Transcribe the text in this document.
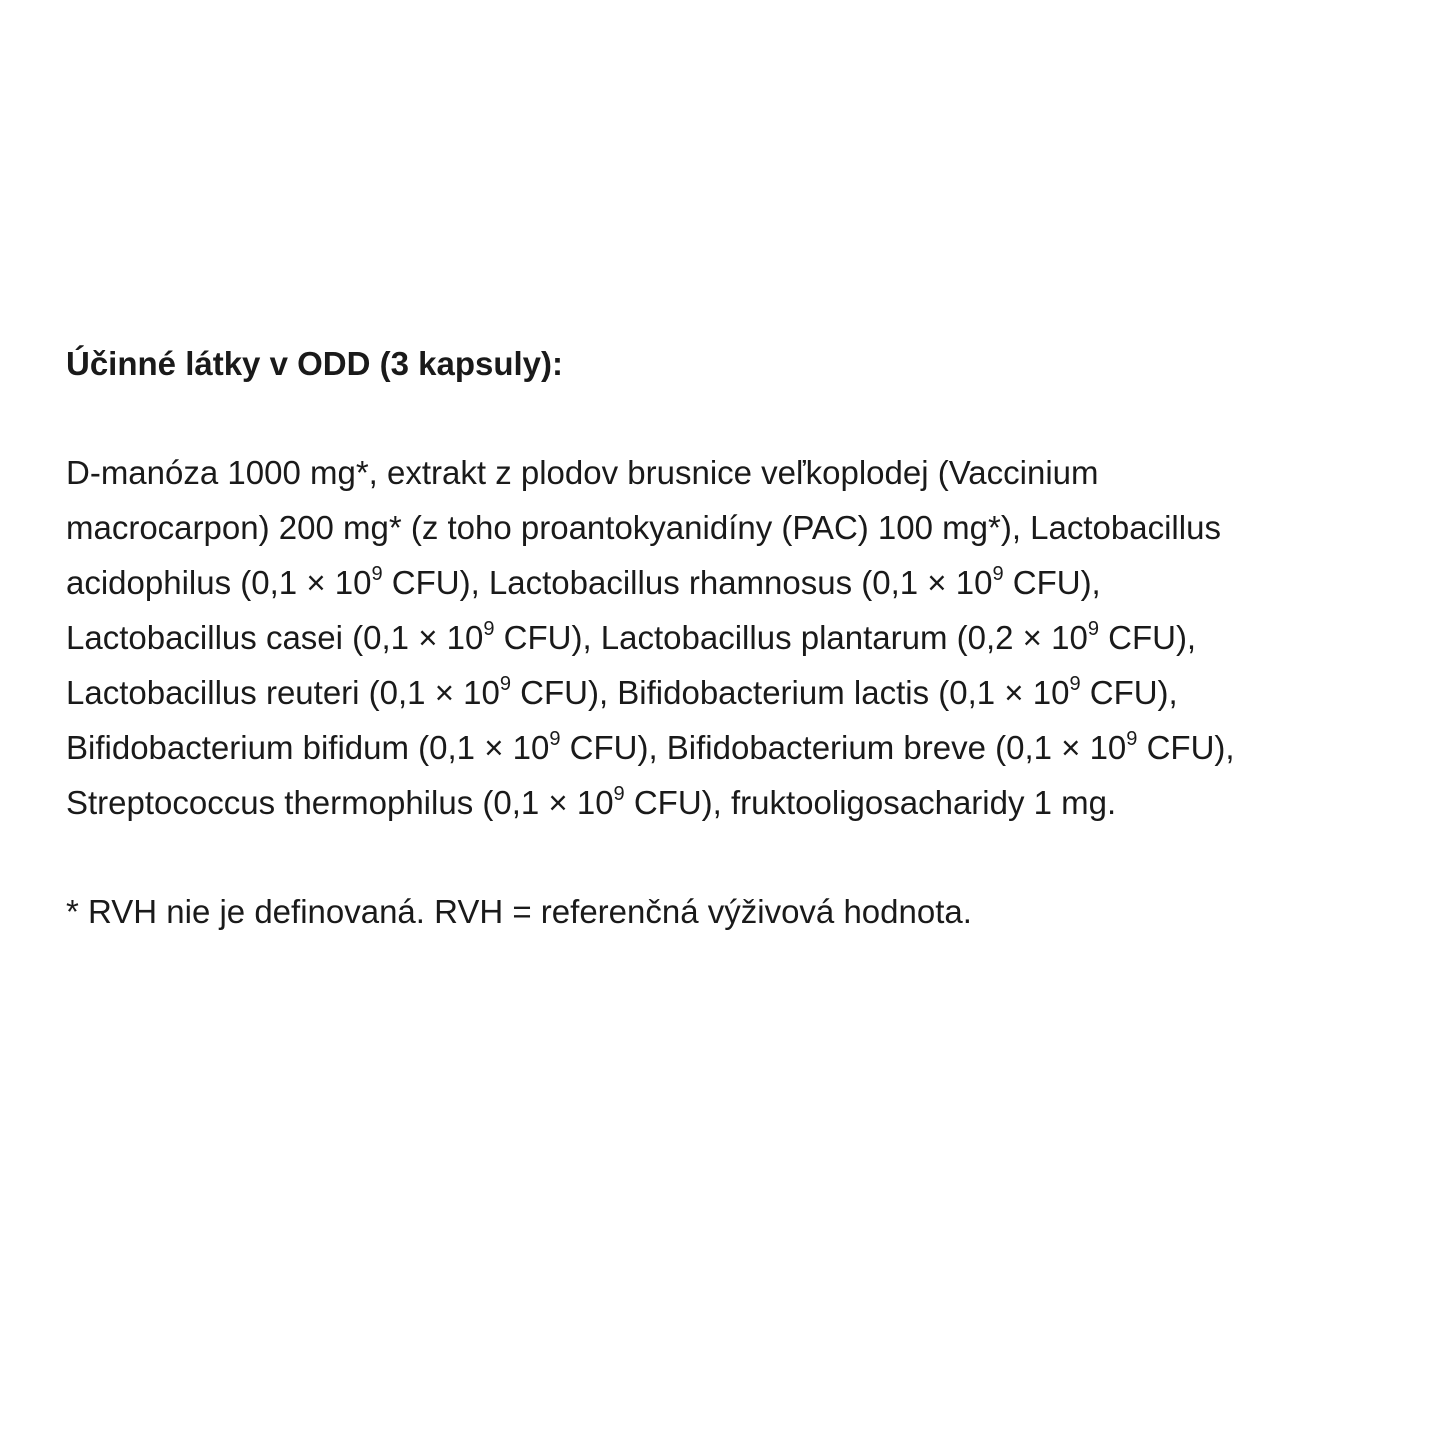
Účinné látky v ODD (3 kapsuly):
D-manóza 1000 mg*, extrakt z plodov brusnice veľkoplodej (Vaccinium
macrocarpon) 200 mg* (z toho proantokyanidíny (PAC) 100 mg*), Lactobacillus
acidophilus ($0,1 \times 10^9$ CFU), Lactobacillus rhamnosus ($0,1 \times 10^9$ CFU),
Lactobacillus casei ($0,1 \times 10^9$ CFU), Lactobacillus plantarum ($0,2 \times 10^9$ CFU),
Lactobacillus reuteri ($0,1 \times 10^9$ CFU), Bifidobacterium lactis ($0,1 \times 10^9$ CFU),
Bifidobacterium bifidum ($0,1 \times 10^9$ CFU), Bifidobacterium breve ($0,1 \times 10^9$ CFU),
Streptococcus thermophilus ($0,1 \times 10^9$ CFU), fruktooligosacharidy 1 mg.

* RVH nie je definovaná. RVH = referenčná výživová hodnota.
